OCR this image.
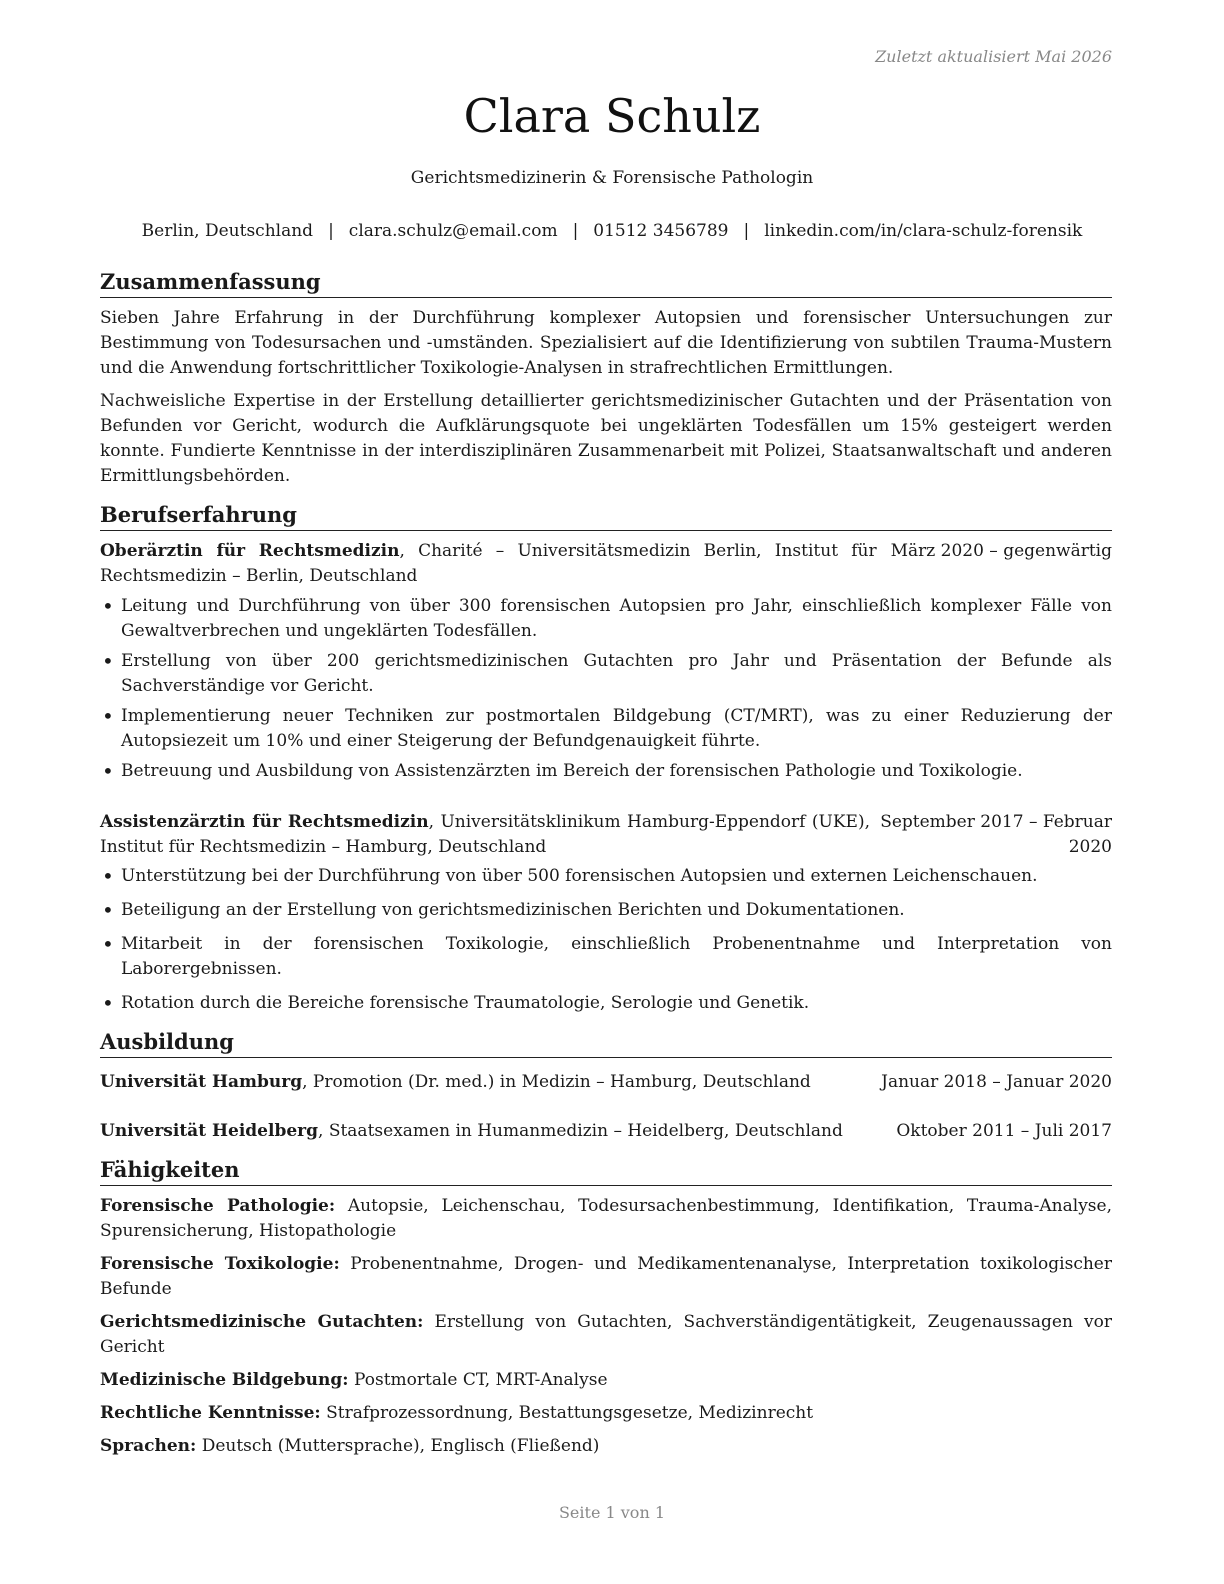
Zuletzt aktualisiert Mai 2026
Clara Schulz
Gerichtsmedizinerin & Forensische Pathologin
Berlin, Deutschland | clara.schulz@email.com | 01512 3456789 | linkedin.com/in/clara-schulz-forensik
Zusammenfassung

Sieben Jahre Erfahrung in der Durchführung komplexer Autopsien und forensischer Untersuchungen zur Bestimmung von Todesursachen und -umständen. Spezialisiert auf die Identifizierung von subtilen Trauma-Mustern und die Anwendung fortschrittlicher Toxikologie-Analysen in strafrechtlichen Ermittlungen.

Nachweisliche Expertise in der Erstellung detaillierter gerichtsmedizinischer Gutachten und der Präsentation von Befunden vor Gericht, wodurch die Aufklärungsquote bei ungeklärten Todesfällen um 15% gesteigert werden konnte. Fundierte Kenntnisse in der interdisziplinären Zusammenarbeit mit Polizei, Staatsanwaltschaft und anderen Ermittlungsbehörden.

Berufserfahrung
Oberärztin für Rechtsmedizin, Charité – Universitätsmedizin Berlin, Institut für Rechtsmedizin – Berlin, Deutschland
März 2020 – gegenwärtig
• Leitung und Durchführung von über 300 forensischen Autopsien pro Jahr, einschließlich komplexer Fälle von Gewaltverbrechen und ungeklärten Todesfällen.
• Erstellung von über 200 gerichtsmedizinischen Gutachten pro Jahr und Präsentation der Befunde als Sachverständige vor Gericht.
• Implementierung neuer Techniken zur postmortalen Bildgebung (CT/MRT), was zu einer Reduzierung der Autopsiezeit um 10% und einer Steigerung der Befundgenauigkeit führte.
• Betreuung und Ausbildung von Assistenzärzten im Bereich der forensischen Pathologie und Toxikologie.
Assistenzärztin für Rechtsmedizin, Universitätsklinikum Hamburg-Eppendorf (UKE), Institut für Rechtsmedizin – Hamburg, Deutschland
September 2017 – Februar 2020
• Unterstützung bei der Durchführung von über 500 forensischen Autopsien und externen Leichenschauen.
• Beteiligung an der Erstellung von gerichtsmedizinischen Berichten und Dokumentationen.
• Mitarbeit in der forensischen Toxikologie, einschließlich Probenentnahme und Interpretation von Laborergebnissen.
• Rotation durch die Bereiche forensische Traumatologie, Serologie und Genetik.
Ausbildung
Universität Hamburg, Promotion (Dr. med.) in Medizin – Hamburg, Deutschland	Januar 2018 – Januar 2020
Universität Heidelberg, Staatsexamen in Humanmedizin – Heidelberg, Deutschland	Oktober 2011 – Juli 2017
Fähigkeiten
Forensische Pathologie: Autopsie, Leichenschau, Todesursachenbestimmung, Identifikation, Trauma-Analyse, Spurensicherung, Histopathologie
Forensische Toxikologie: Probenentnahme, Drogen- und Medikamentenanalyse, Interpretation toxikologischer Befunde
Gerichtsmedizinische Gutachten: Erstellung von Gutachten, Sachverständigentätigkeit, Zeugenaussagen vor Gericht
Medizinische Bildgebung: Postmortale CT, MRT-Analyse
Rechtliche Kenntnisse: Strafprozessordnung, Bestattungsgesetze, Medizinrecht
Sprachen: Deutsch (Muttersprache), Englisch (Fließend)
Seite 1 von 1
